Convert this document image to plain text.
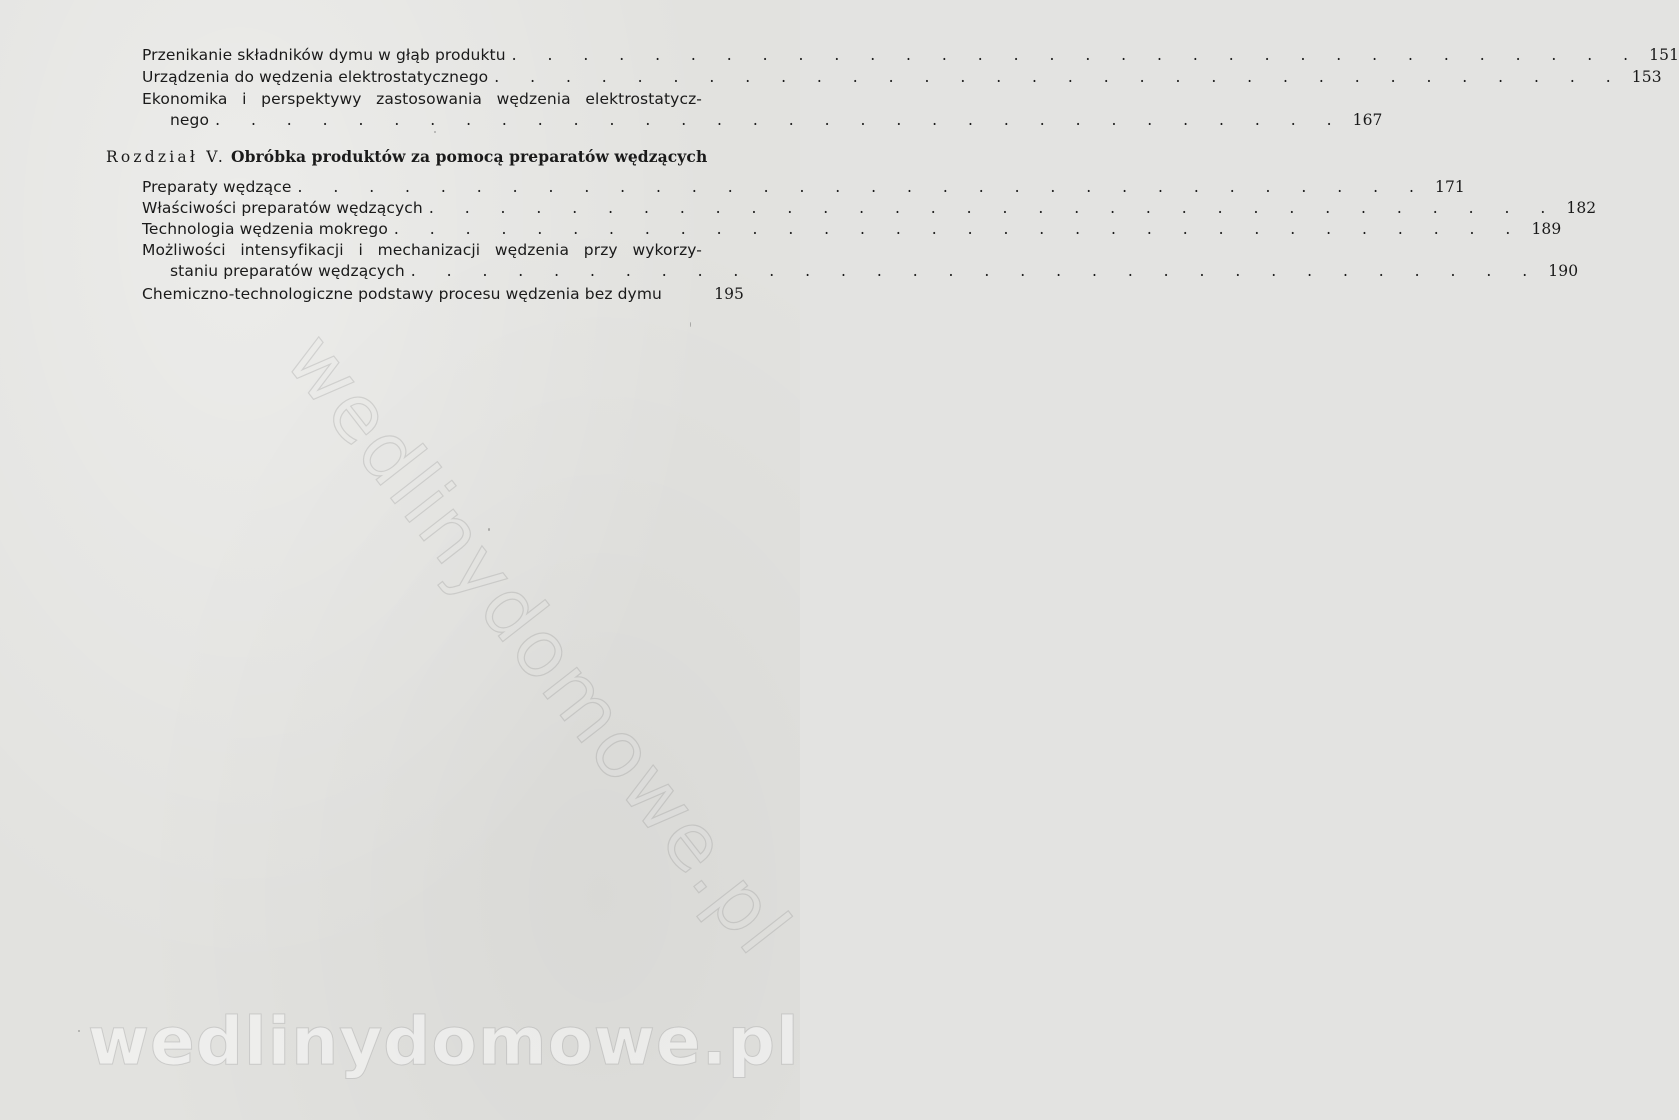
wedlinydomowe.pl
wedlinydomowe.pl
Przenikanie składników dymu w głąb produktu . . . . . . . . . . . . . . . . . . . . . . . . . . . . . . . . 151
Urządzenia do wędzenia elektrostatycznego . . . . . . . . . . . . . . . . . . . . . . . . . . . . . . . . 153
Ekonomika i perspektywy zastosowania wędzenia elektrostatycz-
nego . . . . . . . . . . . . . . . . . . . . . . . . . . . . . . . . 167
Rozdział V. Obróbka produktów za pomocą preparatów wędzących
Preparaty wędzące . . . . . . . . . . . . . . . . . . . . . . . . . . . . . . . . 171
Właściwości preparatów wędzących . . . . . . . . . . . . . . . . . . . . . . . . . . . . . . . . 182
Technologia wędzenia mokrego . . . . . . . . . . . . . . . . . . . . . . . . . . . . . . . . 189
Możliwości intensyfikacji i mechanizacji wędzenia przy wykorzy-
staniu preparatów wędzących . . . . . . . . . . . . . . . . . . . . . . . . . . . . . . . . 190
Chemiczno-technologiczne podstawy procesu wędzenia bez dymu	195
